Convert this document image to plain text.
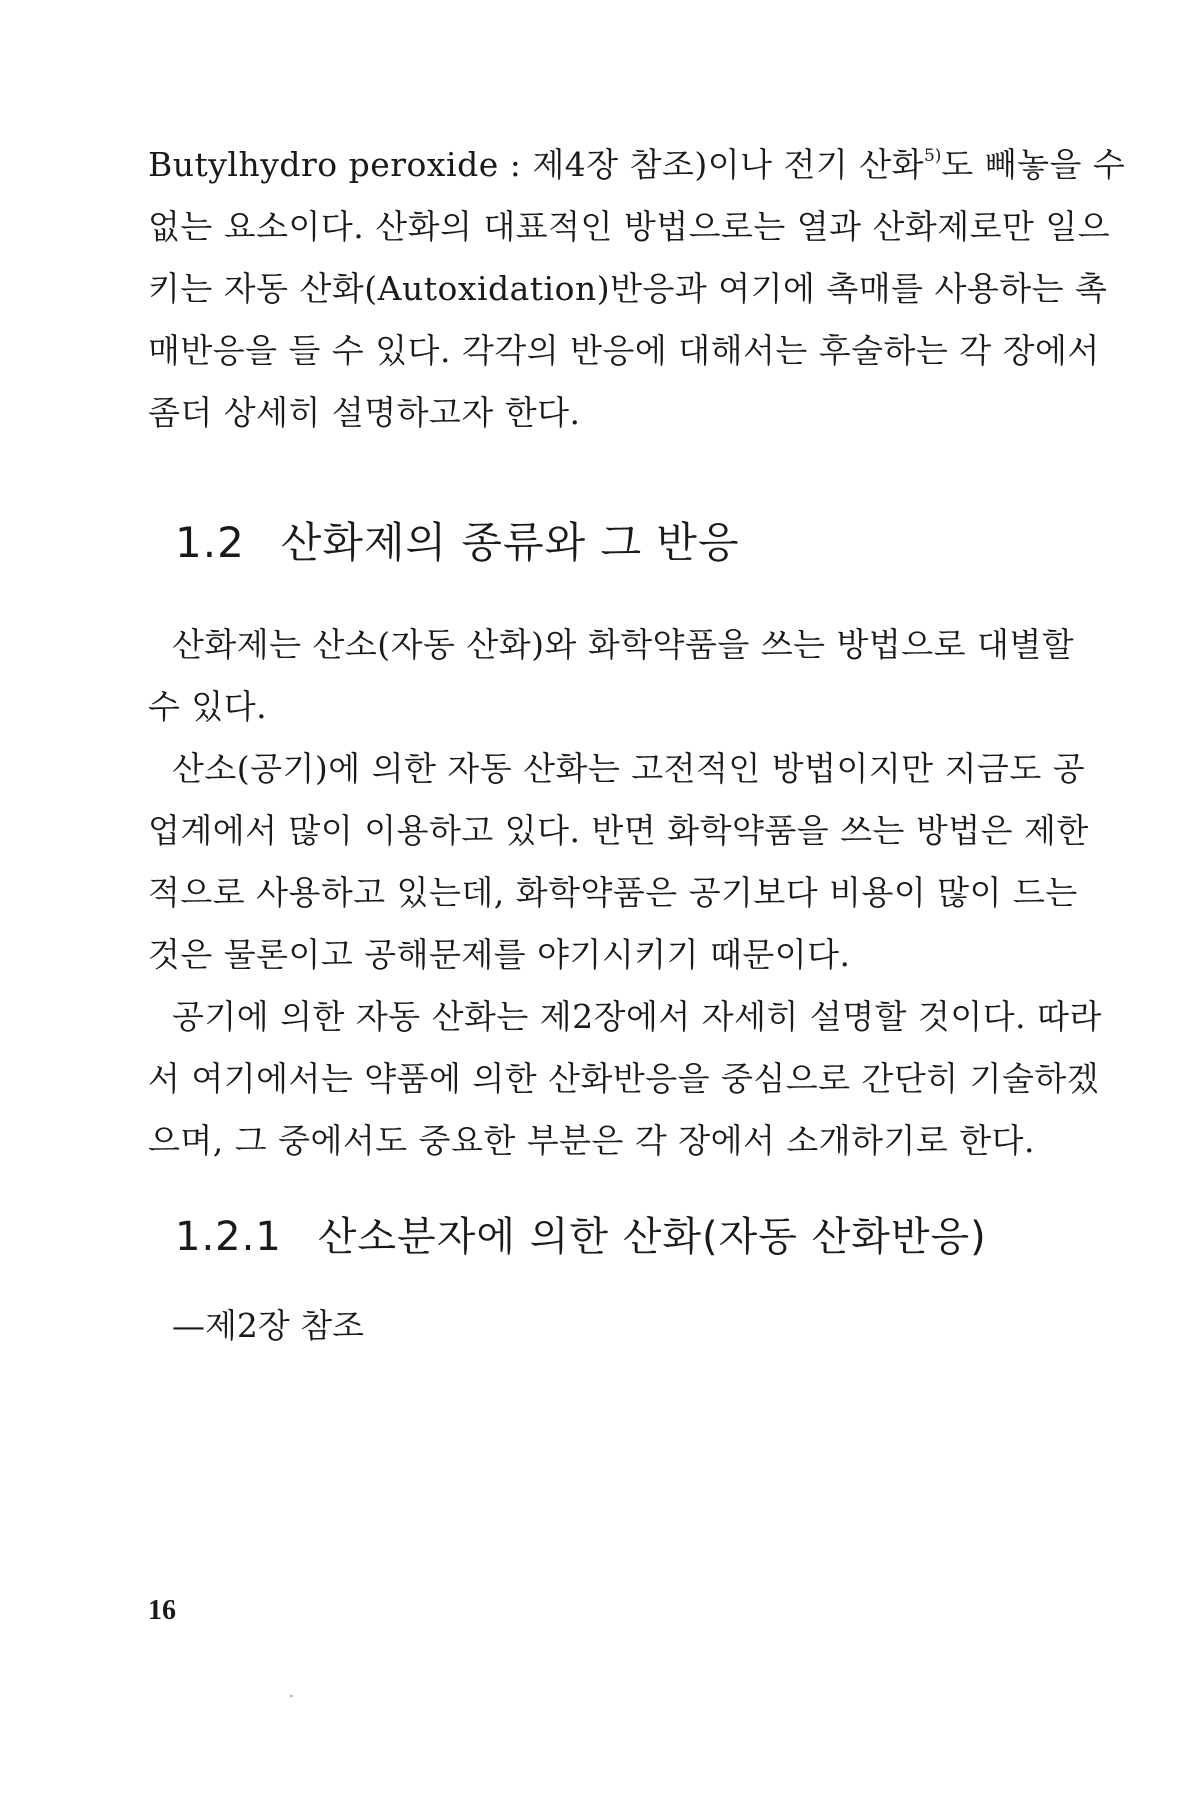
Butylhydro peroxide : 제4장 참조)이나 전기 산화$^{5)}$도 빼놓을 수
없는 요소이다. 산화의 대표적인 방법으로는 열과 산화제로만 일으
키는 자동 산화(Autoxidation)반응과 여기에 촉매를 사용하는 촉
매반응을 들 수 있다. 각각의 반응에 대해서는 후술하는 각 장에서
좀더 상세히 설명하고자 한다.
1.2 산화제의 종류와 그 반응
산화제는 산소(자동 산화)와 화학약품을 쓰는 방법으로 대별할
수 있다.
산소(공기)에 의한 자동 산화는 고전적인 방법이지만 지금도 공
업계에서 많이 이용하고 있다. 반면 화학약품을 쓰는 방법은 제한
적으로 사용하고 있는데, 화학약품은 공기보다 비용이 많이 드는
것은 물론이고 공해문제를 야기시키기 때문이다.
공기에 의한 자동 산화는 제2장에서 자세히 설명할 것이다. 따라
서 여기에서는 약품에 의한 산화반응을 중심으로 간단히 기술하겠
으며, 그 중에서도 중요한 부분은 각 장에서 소개하기로 한다.
1.2.1 산소분자에 의한 산화(자동 산화반응)
—제2장 참조
16
